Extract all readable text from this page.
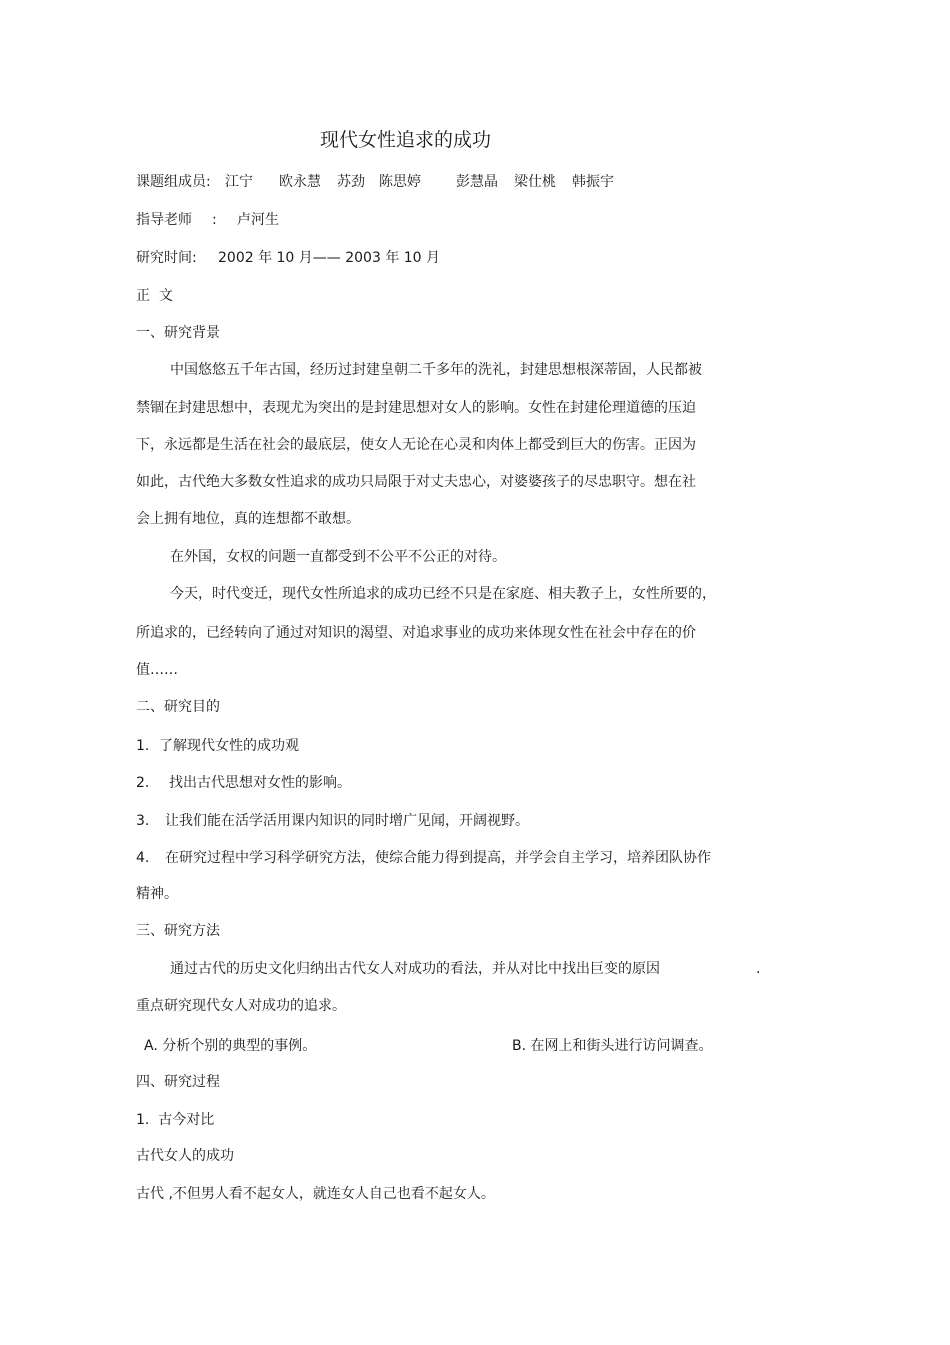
现代女性追求的成功

课题组成员: 江宁 欧永慧 苏劲 陈思婷	彭慧晶 梁仕桃 韩振宇
指导老师 : 卢河生
研究时间: 2002 年 10 月—— 2003 年 10 月
正  文
一、研究背景
中国悠悠五千年古国，经历过封建皇朝二千多年的洗礼，封建思想根深蒂固，人民都被
禁锢在封建思想中，表现尤为突出的是封建思想对女人的影响。女性在封建伦理道德的压迫
下，永远都是生活在社会的最底层，使女人无论在心灵和肉体上都受到巨大的伤害。正因为
如此，古代绝大多数女性追求的成功只局限于对丈夫忠心，对婆婆孩子的尽忠职守。想在社
会上拥有地位，真的连想都不敢想。
在外国，女权的问题一直都受到不公平不公正的对待。
今天，时代变迁，现代女性所追求的成功已经不只是在家庭、相夫教子上，女性所要的，
所追求的，已经转向了通过对知识的渴望、对追求事业的成功来体现女性在社会中存在的价
值……
二、研究目的
1. 了解现代女性的成功观
2. 找出古代思想对女性的影响。
3. 让我们能在活学活用课内知识的同时增广见闻，开阔视野。
4. 在研究过程中学习科学研究方法，使综合能力得到提高，并学会自主学习，培养团队协作
精神。
三、研究方法
通过古代的历史文化归纳出古代女人对成功的看法，并从对比中找出巨变的原因	.
重点研究现代女人对成功的追求。
A. 分析个别的典型的事例。	B. 在网上和街头进行访问调查。
四、研究过程
1.  古今对比
古代女人的成功
古代 ,不但男人看不起女人，就连女人自己也看不起女人。
